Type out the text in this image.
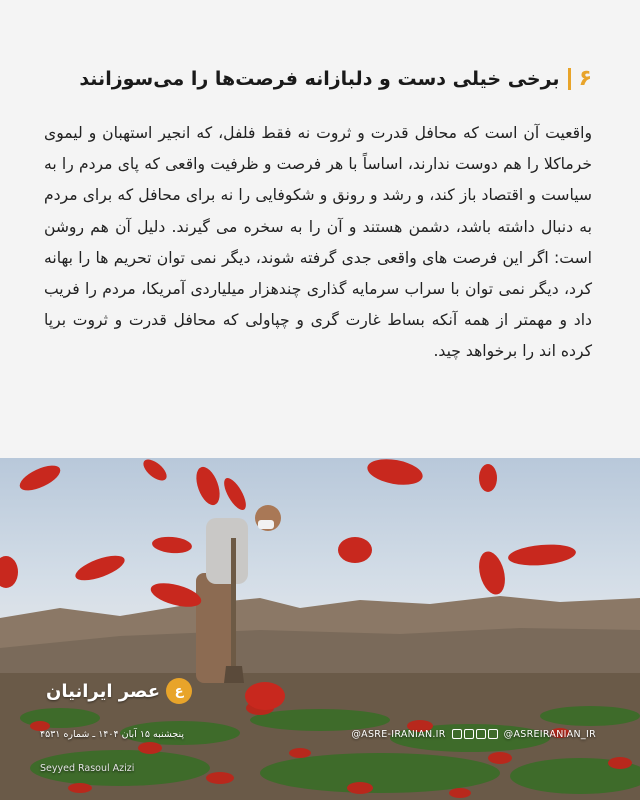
۶
برخی خیلی دست و دلبازانه فرصت‌ها را می‌سوزانند
واقعیت آن است که محافل قدرت و ثروت نه فقط فلفل، که انجیر استهبان و لیموی خرماکلا را هم دوست ندارند، اساساً با هر فرصت و ظرفیت واقعی که پای مردم را به سیاست و اقتصاد باز کند، و رشد و رونق و شکوفایی را نه برای محافل که برای مردم به دنبال داشته باشد، دشمن هستند و آن را به سخره می گیرند. دلیل آن هم روشن است: اگر این فرصت های واقعی جدی گرفته شوند، دیگر نمی توان تحریم ها را بهانه کرد، دیگر نمی توان با سراب سرمایه گذاری چندهزار میلیاردی آمریکا، مردم را فریب داد و مهمتر از همه آنکه بساط غارت گری و چپاولی که محافل قدرت و ثروت برپا کرده اند را برخواهد چید.
ع
عصر ایرانیان
پنجشنبه ۱۵ آبان ۱۴۰۴ ـ شماره ۴۵۳۱	@ASRE-IRANIAN.IR	@ASREIRANIAN_IR
Seyyed Rasoul Azizi
